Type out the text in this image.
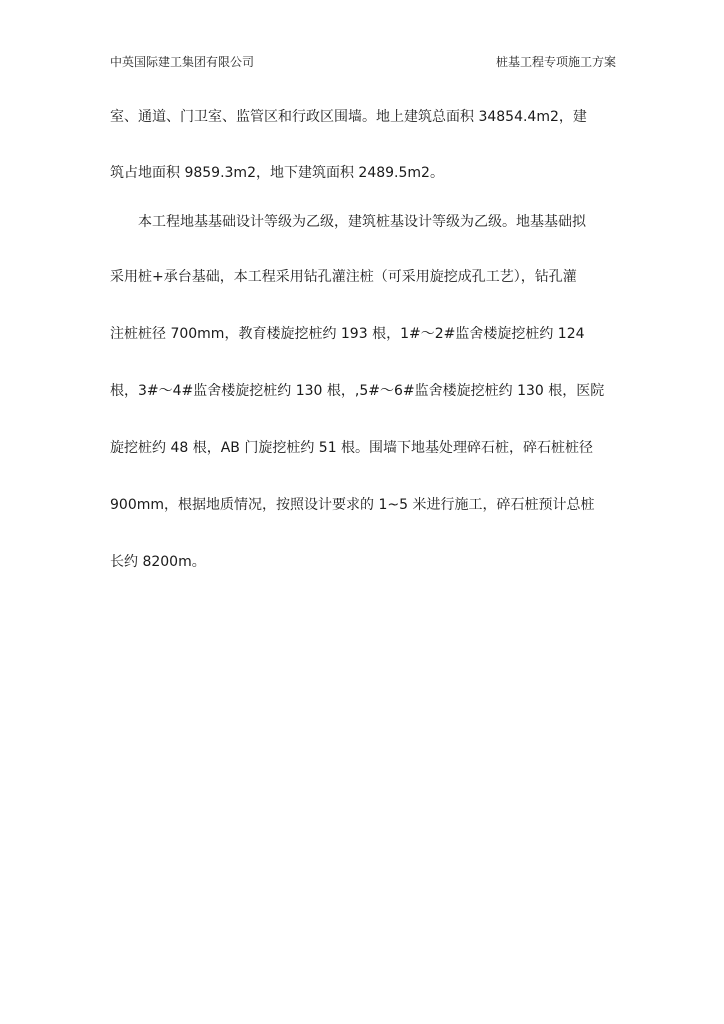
中英国际建工集团有限公司	桩基工程专项施工方案
室、通道、门卫室、监管区和行政区围墙。地上建筑总面积 34854.4m2，建
筑占地面积 9859.3m2，地下建筑面积 2489.5m2。
　　本工程地基基础设计等级为乙级，建筑桩基设计等级为乙级。地基基础拟
采用桩+承台基础，本工程采用钻孔灌注桩（可采用旋挖成孔工艺），钻孔灌
注桩桩径 700mm，教育楼旋挖桩约 193 根，1#～2#监舍楼旋挖桩约 124
根，3#～4#监舍楼旋挖桩约 130 根，,5#～6#监舍楼旋挖桩约 130 根，医院
旋挖桩约 48 根，AB 门旋挖桩约 51 根。围墙下地基处理碎石桩，碎石桩桩径
900mm，根据地质情况，按照设计要求的 1~5 米进行施工，碎石桩预计总桩
长约 8200m。
